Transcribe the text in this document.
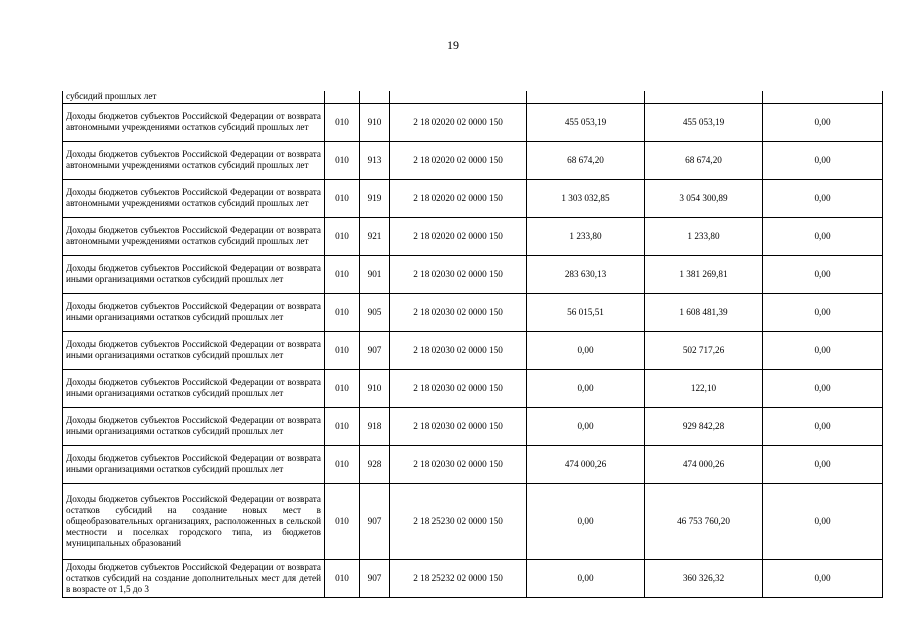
19
субсидий прошлых лет						
Доходы бюджетов субъектов Российской Федерации от возврата автономными учреждениями остатков субсидий прошлых лет	010	910	2 18 02020 02 0000 150	455 053,19	455 053,19	0,00
Доходы бюджетов субъектов Российской Федерации от возврата автономными учреждениями остатков субсидий прошлых лет	010	913	2 18 02020 02 0000 150	68 674,20	68 674,20	0,00
Доходы бюджетов субъектов Российской Федерации от возврата автономными учреждениями остатков субсидий прошлых лет	010	919	2 18 02020 02 0000 150	1 303 032,85	3 054 300,89	0,00
Доходы бюджетов субъектов Российской Федерации от возврата автономными учреждениями остатков субсидий прошлых лет	010	921	2 18 02020 02 0000 150	1 233,80	1 233,80	0,00
Доходы бюджетов субъектов Российской Федерации от возврата иными организациями остатков субсидий прошлых лет	010	901	2 18 02030 02 0000 150	283 630,13	1 381 269,81	0,00
Доходы бюджетов субъектов Российской Федерации от возврата иными организациями остатков субсидий прошлых лет	010	905	2 18 02030 02 0000 150	56 015,51	1 608 481,39	0,00
Доходы бюджетов субъектов Российской Федерации от возврата иными организациями остатков субсидий прошлых лет	010	907	2 18 02030 02 0000 150	0,00	502 717,26	0,00
Доходы бюджетов субъектов Российской Федерации от возврата иными организациями остатков субсидий прошлых лет	010	910	2 18 02030 02 0000 150	0,00	122,10	0,00
Доходы бюджетов субъектов Российской Федерации от возврата иными организациями остатков субсидий прошлых лет	010	918	2 18 02030 02 0000 150	0,00	929 842,28	0,00
Доходы бюджетов субъектов Российской Федерации от возврата иными организациями остатков субсидий прошлых лет	010	928	2 18 02030 02 0000 150	474 000,26	474 000,26	0,00
Доходы бюджетов субъектов Российской Федерации от возврата остатков субсидий на создание новых мест в общеобразовательных организациях, расположенных в сельской местности и поселках городского типа, из бюджетов муниципальных образований	010	907	2 18 25230 02 0000 150	0,00	46 753 760,20	0,00
Доходы бюджетов субъектов Российской Федерации от возврата остатков субсидий на создание дополнительных мест для детей в возрасте от 1,5 до 3	010	907	2 18 25232 02 0000 150	0,00	360 326,32	0,00
